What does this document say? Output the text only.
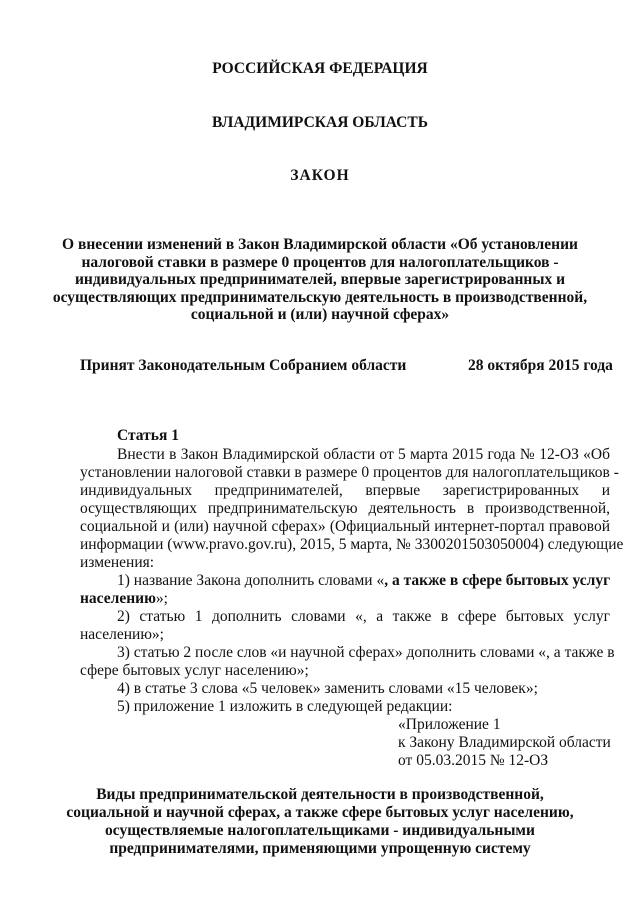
РОССИЙСКАЯ ФЕДЕРАЦИЯ
ВЛАДИМИРСКАЯ ОБЛАСТЬ
ЗАКОН
О внесении изменений в Закон Владимирской области «Об установлении
налоговой ставки в размере 0 процентов для налогоплательщиков -
индивидуальных предпринимателей, впервые зарегистрированных и
осуществляющих предпринимательскую деятельность в производственной,
социальной и (или) научной сферах»
Принят Законодательным Собранием области	28 октября 2015 года
Статья 1
Внести в Закон Владимирской области от 5 марта 2015 года № 12-ОЗ «Об
установлении налоговой ставки в размере 0 процентов для налогоплательщиков -
индивидуальных предпринимателей, впервые зарегистрированных и
осуществляющих предпринимательскую деятельность в производственной,
социальной и (или) научной сферах» (Официальный интернет-портал правовой
информации (www.pravo.gov.ru), 2015, 5 марта, № 3300201503050004) следующие
изменения:
1) название Закона дополнить словами «, а также в сфере бытовых услуг
населению»;
2) статью 1 дополнить словами «, а также в сфере бытовых услуг
населению»;
3) статью 2 после слов «и научной сферах» дополнить словами «, а также в
сфере бытовых услуг населению»;
4) в статье 3 слова «5 человек» заменить словами «15 человек»;
5) приложение 1 изложить в следующей редакции:
«Приложение 1
к Закону Владимирской области
от 05.03.2015 № 12-ОЗ
Виды предпринимательской деятельности в производственной,
социальной и научной сферах, а также сфере бытовых услуг населению,
осуществляемые налогоплательщиками - индивидуальными
предпринимателями, применяющими упрощенную систему
